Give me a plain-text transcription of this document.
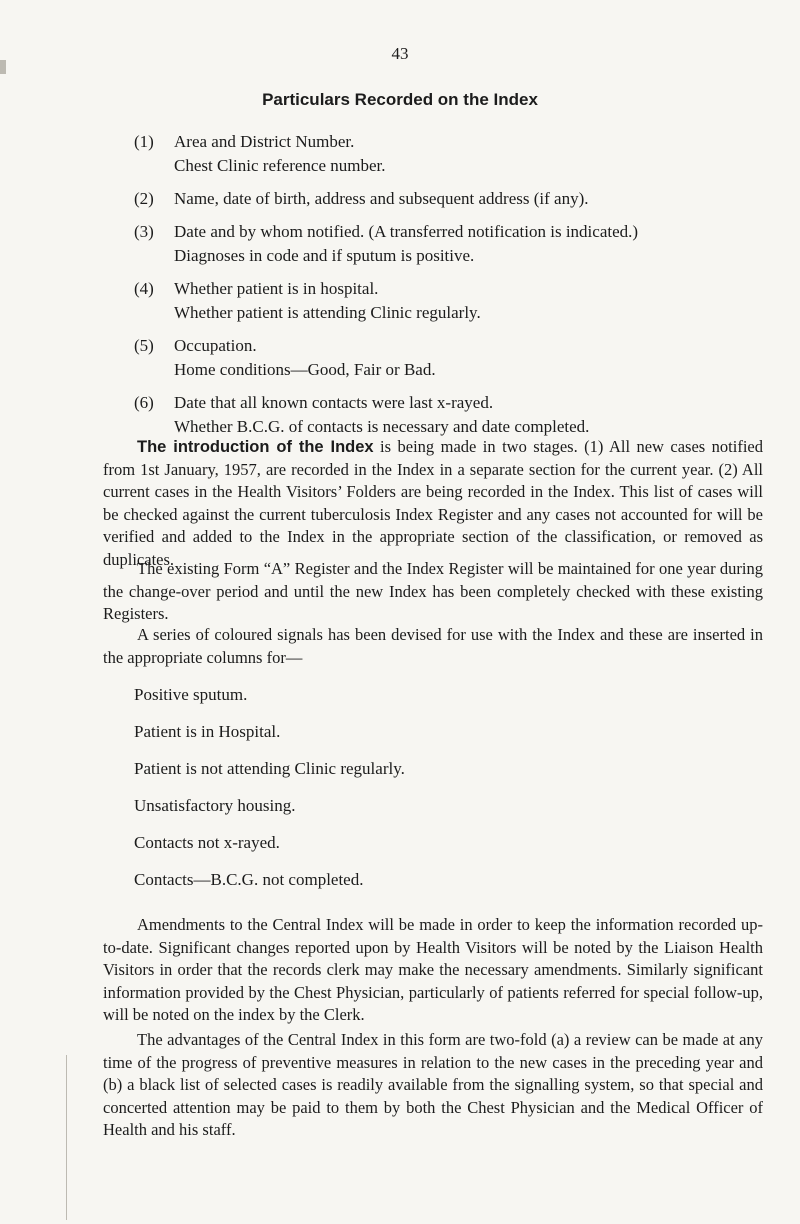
43
Particulars Recorded on the Index
(1) Area and District Number.
Chest Clinic reference number.
(2) Name, date of birth, address and subsequent address (if any).
(3) Date and by whom notified. (A transferred notification is indicated.)
Diagnoses in code and if sputum is positive.
(4) Whether patient is in hospital.
Whether patient is attending Clinic regularly.
(5) Occupation.
Home conditions—Good, Fair or Bad.
(6) Date that all known contacts were last x-rayed.
Whether B.C.G. of contacts is necessary and date completed.
The introduction of the Index is being made in two stages. (1) All new cases notified from 1st January, 1957, are recorded in the Index in a separate section for the current year. (2) All current cases in the Health Visitors’ Folders are being recorded in the Index. This list of cases will be checked against the current tuberculosis Index Register and any cases not accounted for will be verified and added to the Index in the appropriate section of the classification, or removed as duplicates.
The existing Form “A” Register and the Index Register will be maintained for one year during the change-over period and until the new Index has been completely checked with these existing Registers.
A series of coloured signals has been devised for use with the Index and these are inserted in the appropriate columns for—
Positive sputum.
Patient is in Hospital.
Patient is not attending Clinic regularly.
Unsatisfactory housing.
Contacts not x-rayed.
Contacts—B.C.G. not completed.
Amendments to the Central Index will be made in order to keep the information recorded up-to-date. Significant changes reported upon by Health Visitors will be noted by the Liaison Health Visitors in order that the records clerk may make the necessary amendments. Similarly significant information provided by the Chest Physician, particularly of patients referred for special follow-up, will be noted on the index by the Clerk.
The advantages of the Central Index in this form are two-fold (a) a review can be made at any time of the progress of preventive measures in relation to the new cases in the preceding year and (b) a black list of selected cases is readily available from the signalling system, so that special and concerted attention may be paid to them by both the Chest Physician and the Medical Officer of Health and his staff.
